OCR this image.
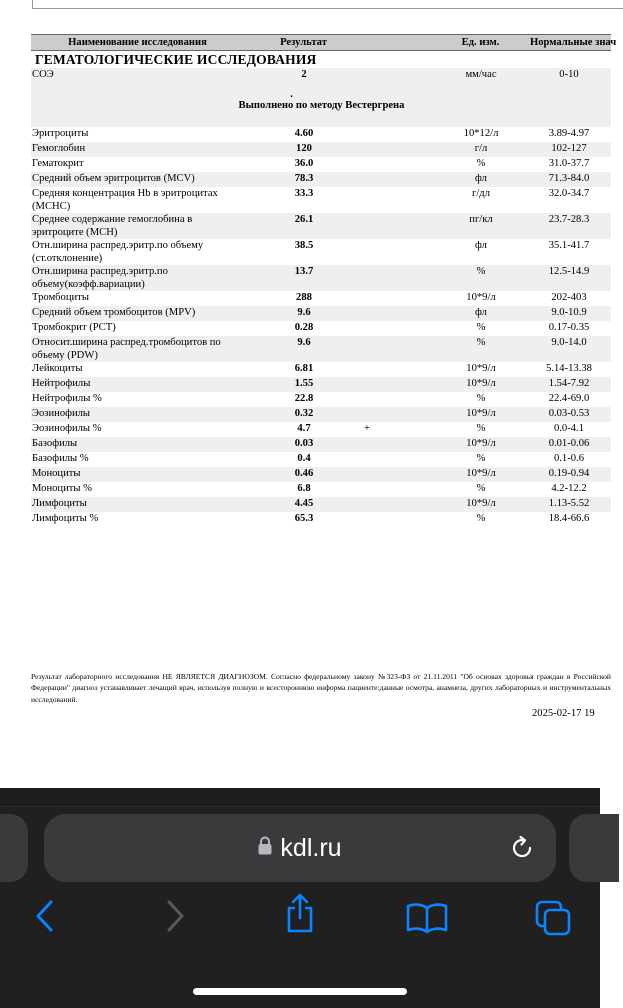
Наименование исследования	Результат		Ед. изм.	Нормальные знач
ГЕМАТОЛОГИЧЕСКИЕ ИССЛЕДОВАНИЯ				
СОЭ	2		мм/час	0-10

.
Выполнено по методу Вестергрена				

Эритроциты	4.60		10*12/л	3.89-4.97
Гемоглобин	120		г/л	102-127
Гематокрит	36.0		%	31.0-37.7
Средний объем эритроцитов (MCV)	78.3		фл	71.3-84.0
Средняя концентрация Hb в эритроцитах (MCHC)	33.3		г/дл	32.0-34.7
Среднее содержание гемоглобина в эритроците (MCH)	26.1		пг/кл	23.7-28.3
Отн.ширина распред.эритр.по объему (ст.отклонение)	38.5		фл	35.1-41.7
Отн.ширина распред.эритр.по объему(коэфф.вариации)	13.7		%	12.5-14.9
Тромбоциты	288		10*9/л	202-403
Средний объем тромбоцитов (MPV)	9.6		фл	9.0-10.9
Тромбокрит (PCT)	0.28		%	0.17-0.35
Относит.ширина распред.тромбоцитов по объему (PDW)	9.6		%	9.0-14.0
Лейкоциты	6.81		10*9/л	5.14-13.38
Нейтрофилы	1.55		10*9/л	1.54-7.92
Нейтрофилы %	22.8		%	22.4-69.0
Эозинофилы	0.32		10*9/л	0.03-0.53
Эозинофилы %	4.7	+	%	0.0-4.1
Базофилы	0.03		10*9/л	0.01-0.06
Базофилы %	0.4		%	0.1-0.6
Моноциты	0.46		10*9/л	0.19-0.94
Моноциты %	6.8		%	4.2-12.2
Лимфоциты	4.45		10*9/л	1.13-5.52
Лимфоциты %	65.3		%	18.4-66.6
Результат лабораторного исследования НЕ ЯВЛЯЕТСЯ ДИАГНОЗОМ. Согласно федеральному закону №323-ФЗ от 21.11.2011 "Об основах здоровья граждан в Российской Федерации" диагноз устанавливает лечащий врач, используя полную и всестороннюю информа пациенте:данные осмотра, анамнеза, других лабораторных и инструментальных исследований.
2025-02-17 19
kdl.ru
